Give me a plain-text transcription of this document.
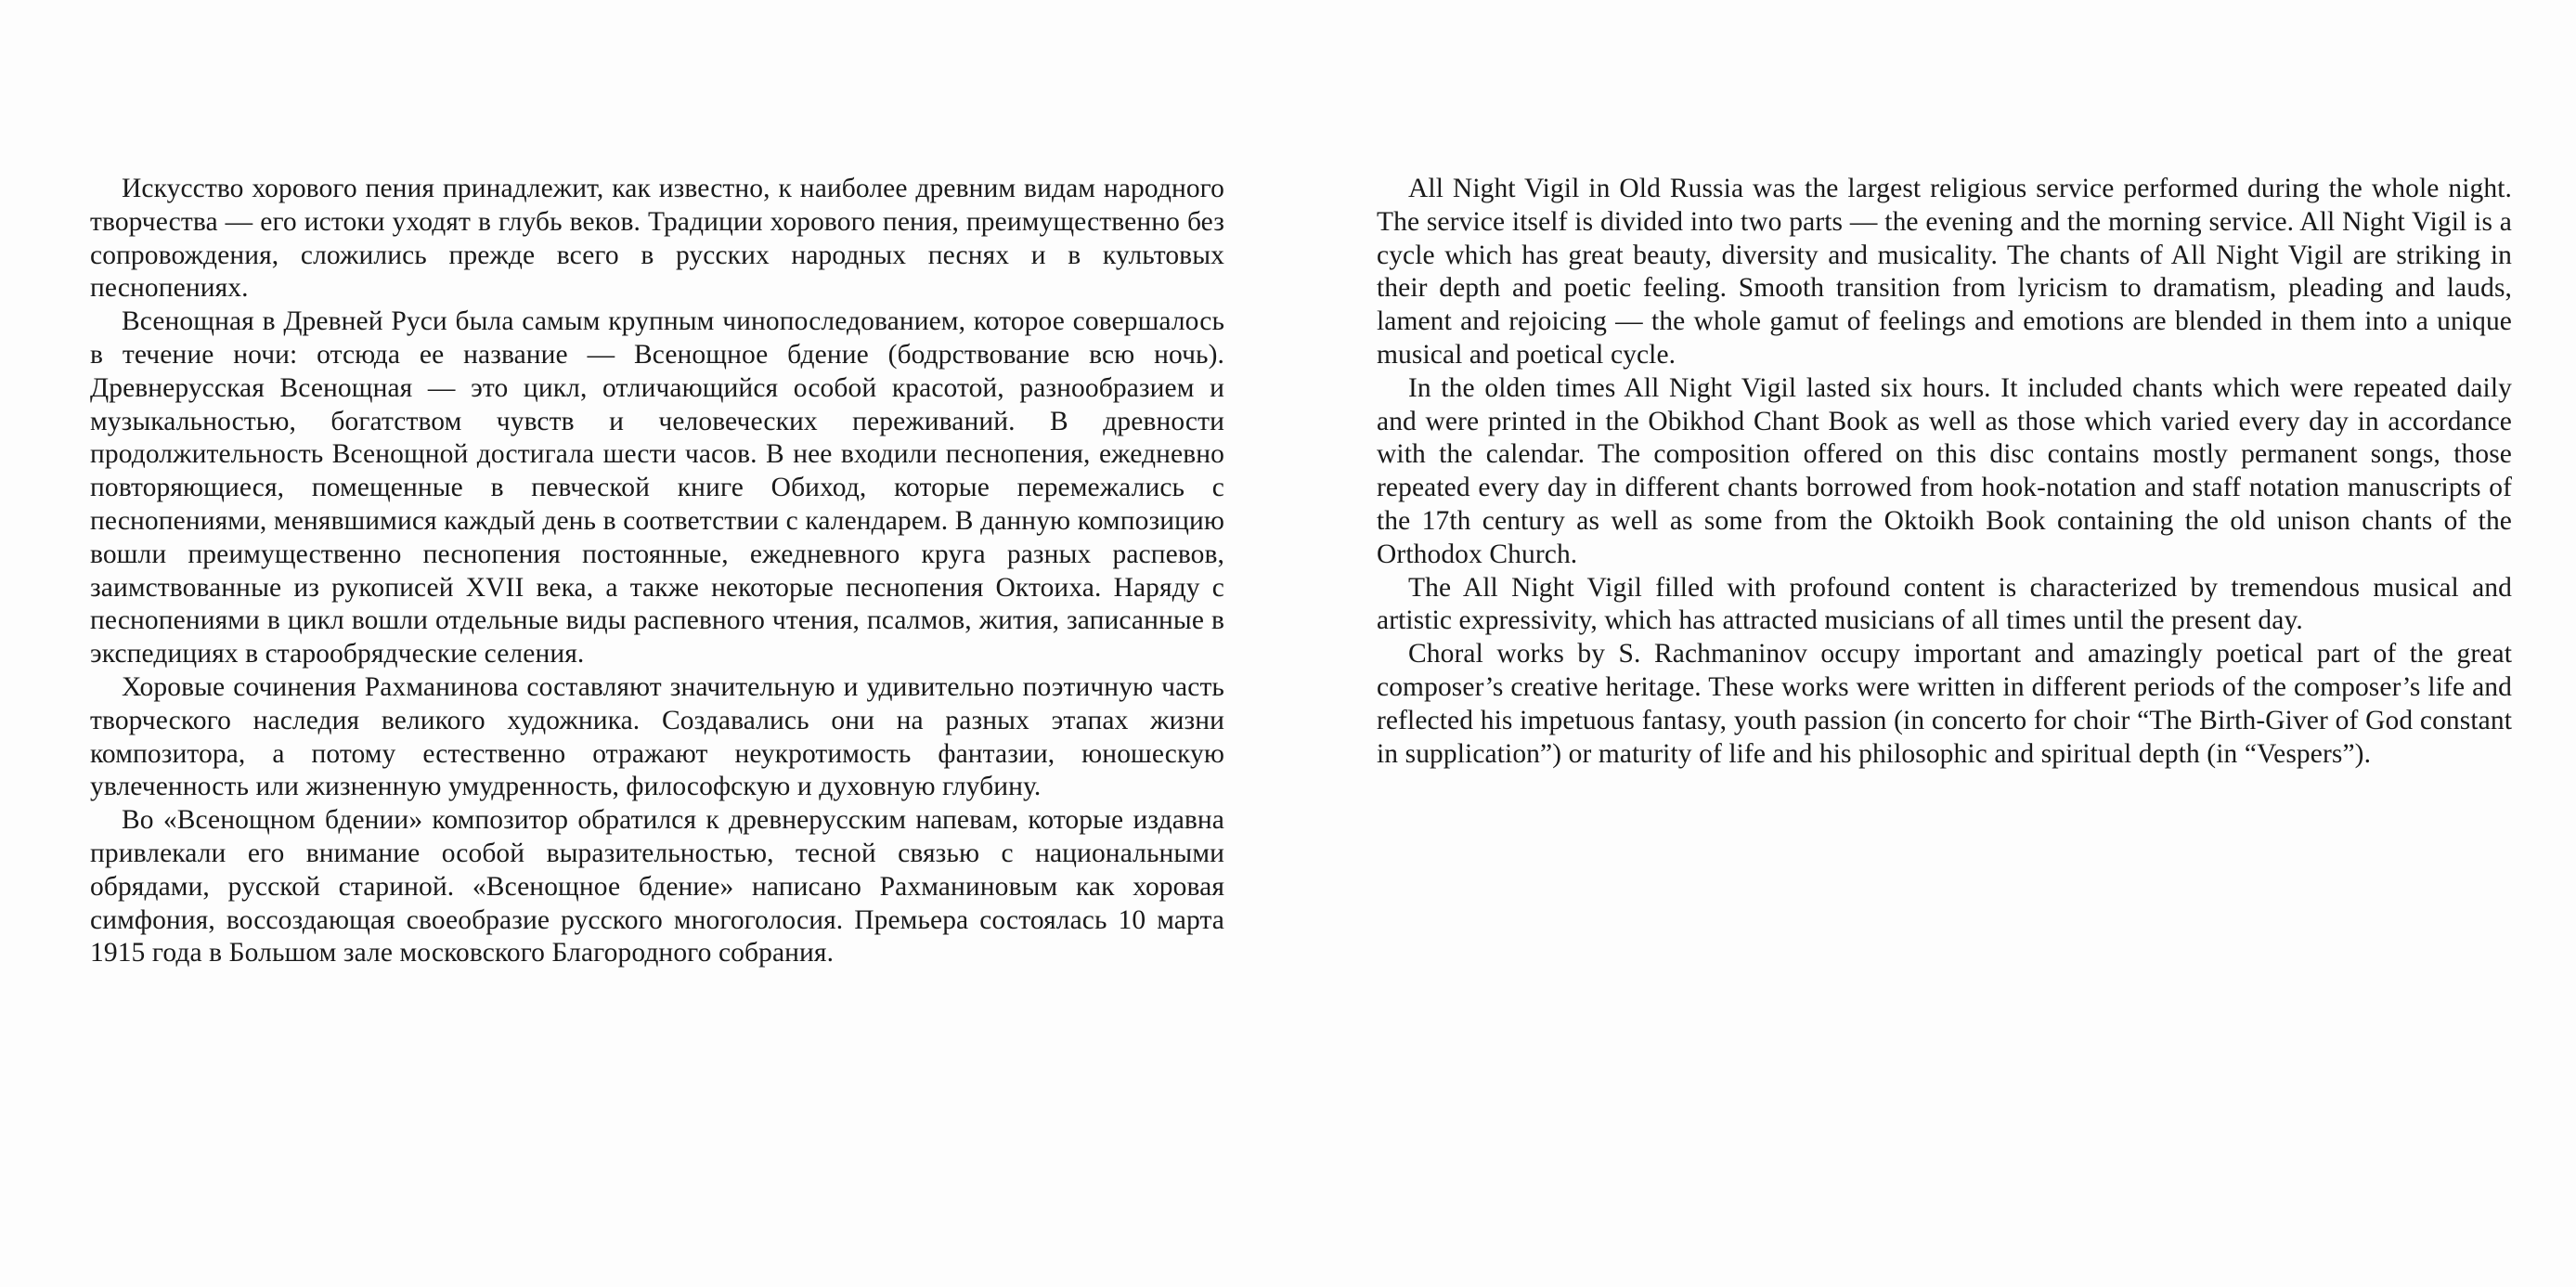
Искусство хорового пения принадлежит, как известно, к наиболее древним видам народного творчества — его истоки уходят в глубь веков. Традиции хорового пения, преимущественно без сопровождения, сложились прежде всего в русских народных песнях и в культовых песнопениях.

Всенощная в Древней Руси была самым крупным чинопоследованием, которое совершалось в течение ночи: отсюда ее название — Всенощное бдение (бодрствование всю ночь). Древнерусская Всенощная — это цикл, отличающийся особой красотой, разнообразием и музыкальностью, богатством чувств и человеческих переживаний. В древности продолжительность Всенощной достигала шести часов. В нее входили песнопения, ежедневно повторяющиеся, помещенные в певческой книге Обиход, которые перемежались с песнопениями, менявшимися каждый день в соответствии с календарем. В данную композицию вошли преимущественно песнопения постоянные, ежедневного круга разных распевов, заимствованные из рукописей XVII века, а также некоторые песнопения Октоиха. Наряду с песнопениями в цикл вошли отдельные виды распевного чтения, псалмов, жития, записанные в экспедициях в старообрядческие селения.

Хоровые сочинения Рахманинова составляют значительную и удивительно поэтичную часть творческого наследия великого художника. Создавались они на разных этапах жизни композитора, а потому естественно отражают неукротимость фантазии, юношескую увлеченность или жизненную умудренность, философскую и духовную глубину.

Во «Всенощном бдении» композитор обратился к древнерусским напевам, которые издавна привлекали его внимание особой выразительностью, тесной связью с национальными обрядами, русской стариной. «Всенощное бдение» написано Рахманиновым как хоровая симфония, воссоздающая своеобразие русского многоголосия. Премьера состоялась 10 марта 1915 года в Большом зале московского Благородного собрания.

All Night Vigil in Old Russia was the largest religious service performed during the whole night. The service itself is divided into two parts — the evening and the morning service. All Night Vigil is a cycle which has great beauty, diversity and musicality. The chants of All Night Vigil are striking in their depth and poetic feeling. Smooth transition from lyricism to dramatism, pleading and lauds, lament and rejoicing — the whole gamut of feelings and emotions are blended in them into a unique musical and poetical cycle.

In the olden times All Night Vigil lasted six hours. It included chants which were repeated daily and were printed in the Obikhod Chant Book as well as those which varied every day in accordance with the calendar. The composition offered on this disc contains mostly permanent songs, those repeated every day in different chants borrowed from hook-notation and staff notation manuscripts of the 17th century as well as some from the Oktoikh Book containing the old unison chants of the Orthodox Church.

The All Night Vigil filled with profound content is characterized by tremendous musical and artistic expressivity, which has attracted musicians of all times until the present day.

Choral works by S. Rachmaninov occupy important and amazingly poetical part of the great composer’s creative heritage. These works were written in different periods of the composer’s life and reflected his impetuous fantasy, youth passion (in concerto for choir “The Birth-Giver of God constant in supplication”) or maturity of life and his philosophic and spiritual depth (in “Vespers”).
